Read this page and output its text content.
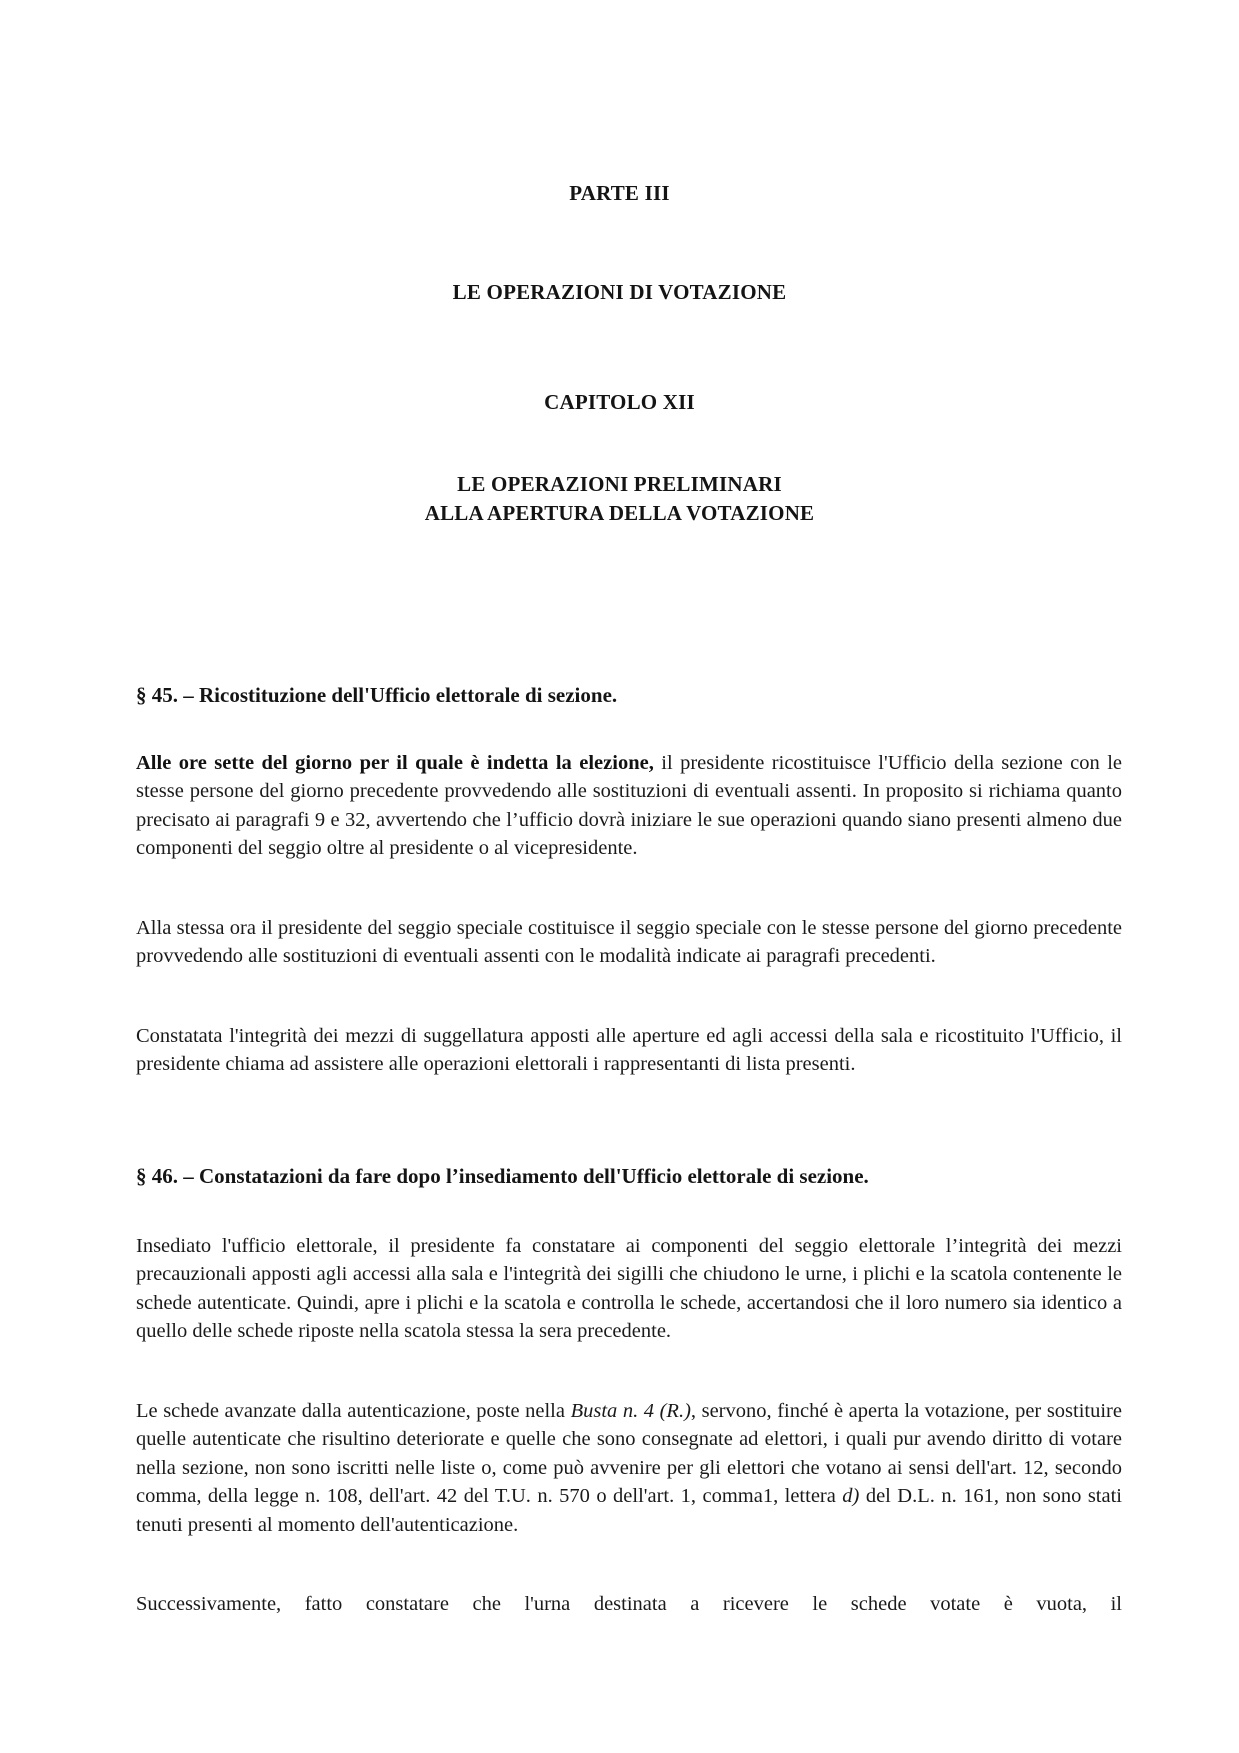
PARTE III
LE OPERAZIONI DI VOTAZIONE
CAPITOLO XII
LE OPERAZIONI PRELIMINARI
ALLA APERTURA DELLA VOTAZIONE
§ 45. – Ricostituzione dell'Ufficio elettorale di sezione.

Alle ore sette del giorno per il quale è indetta la elezione, il presidente ricostituisce l'Ufficio della sezione con le stesse persone del giorno precedente provvedendo alle sostituzioni di eventuali assenti. In proposito si richiama quanto precisato ai paragrafi 9 e 32, avvertendo che l’ufficio dovrà iniziare le sue operazioni quando siano presenti almeno due componenti del seggio oltre al presidente o al vicepresidente.

Alla stessa ora il presidente del seggio speciale costituisce il seggio speciale con le stesse persone del giorno precedente provvedendo alle sostituzioni di eventuali assenti con le modalità indicate ai paragrafi precedenti.

Constatata l'integrità dei mezzi di suggellatura apposti alle aperture ed agli accessi della sala e ricostituito l'Ufficio, il presidente chiama ad assistere alle operazioni elettorali i rappresentanti di lista presenti.

§ 46. – Constatazioni da fare dopo l’insediamento dell'Ufficio elettorale di sezione.

Insediato l'ufficio elettorale, il presidente fa constatare ai componenti del seggio elettorale l’integrità dei mezzi precauzionali apposti agli accessi alla sala e l'integrità dei sigilli che chiudono le urne, i plichi e la scatola contenente le schede autenticate. Quindi, apre i plichi e la scatola e controlla le schede, accertandosi che il loro numero sia identico a quello delle schede riposte nella scatola stessa la sera precedente.

Le schede avanzate dalla autenticazione, poste nella Busta n. 4 (R.), servono, finché è aperta la votazione, per sostituire quelle autenticate che risultino deteriorate e quelle che sono consegnate ad elettori, i quali pur avendo diritto di votare nella sezione, non sono iscritti nelle liste o, come può avvenire per gli elettori che votano ai sensi dell'art. 12, secondo comma, della legge n. 108, dell'art. 42 del T.U. n. 570 o dell'art. 1, comma1, lettera d) del D.L. n. 161, non sono stati tenuti presenti al momento dell'autenticazione.

Successivamente, fatto constatare che l'urna destinata a ricevere le schede votate è vuota, il
